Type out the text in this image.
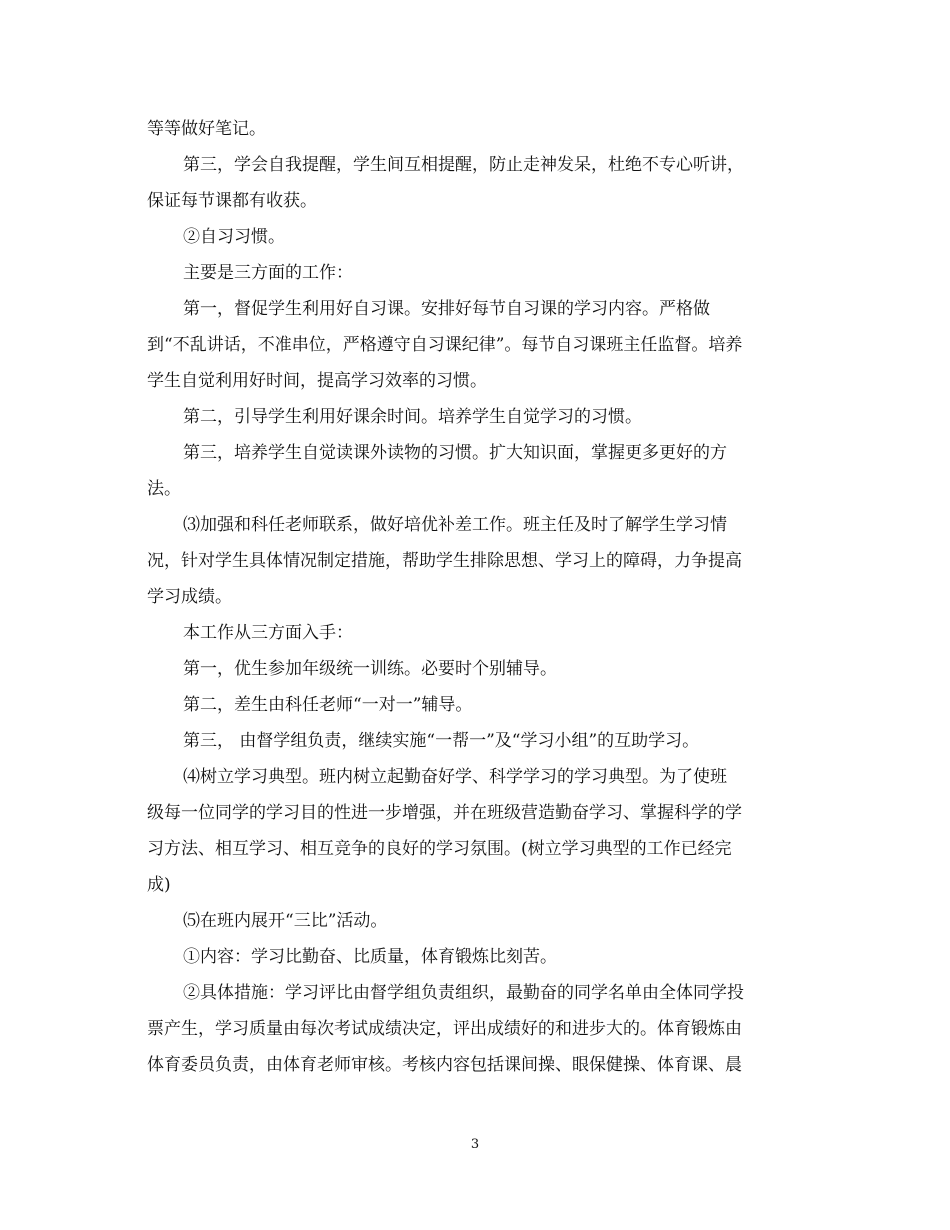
等等做好笔记。

第三，学会自我提醒，学生间互相提醒，防止走神发呆，杜绝不专心听讲，

保证每节课都有收获。

②自习习惯。

主要是三方面的工作：

第一，督促学生利用好自习课。安排好每节自习课的学习内容。严格做

到“不乱讲话，不准串位，严格遵守自习课纪律”。每节自习课班主任监督。培养

学生自觉利用好时间，提高学习效率的习惯。

第二，引导学生利用好课余时间。培养学生自觉学习的习惯。

第三，培养学生自觉读课外读物的习惯。扩大知识面，掌握更多更好的方

法。

⑶加强和科任老师联系，做好培优补差工作。班主任及时了解学生学习情

况，针对学生具体情况制定措施，帮助学生排除思想、学习上的障碍，力争提高

学习成绩。

本工作从三方面入手：

第一，优生参加年级统一训练。必要时个别辅导。

第二，差生由科任老师“一对一”辅导。

第三， 由督学组负责，继续实施“一帮一”及“学习小组”的互助学习。

⑷树立学习典型。班内树立起勤奋好学、科学学习的学习典型。为了使班

级每一位同学的学习目的性进一步增强，并在班级营造勤奋学习、掌握科学的学

习方法、相互学习、相互竞争的良好的学习氛围。(树立学习典型的工作已经完

成)

⑸在班内展开“三比”活动。

①内容：学习比勤奋、比质量，体育锻炼比刻苦。

②具体措施：学习评比由督学组负责组织，最勤奋的同学名单由全体同学投

票产生，学习质量由每次考试成绩决定，评出成绩好的和进步大的。体育锻炼由

体育委员负责，由体育老师审核。考核内容包括课间操、眼保健操、体育课、晨

3
